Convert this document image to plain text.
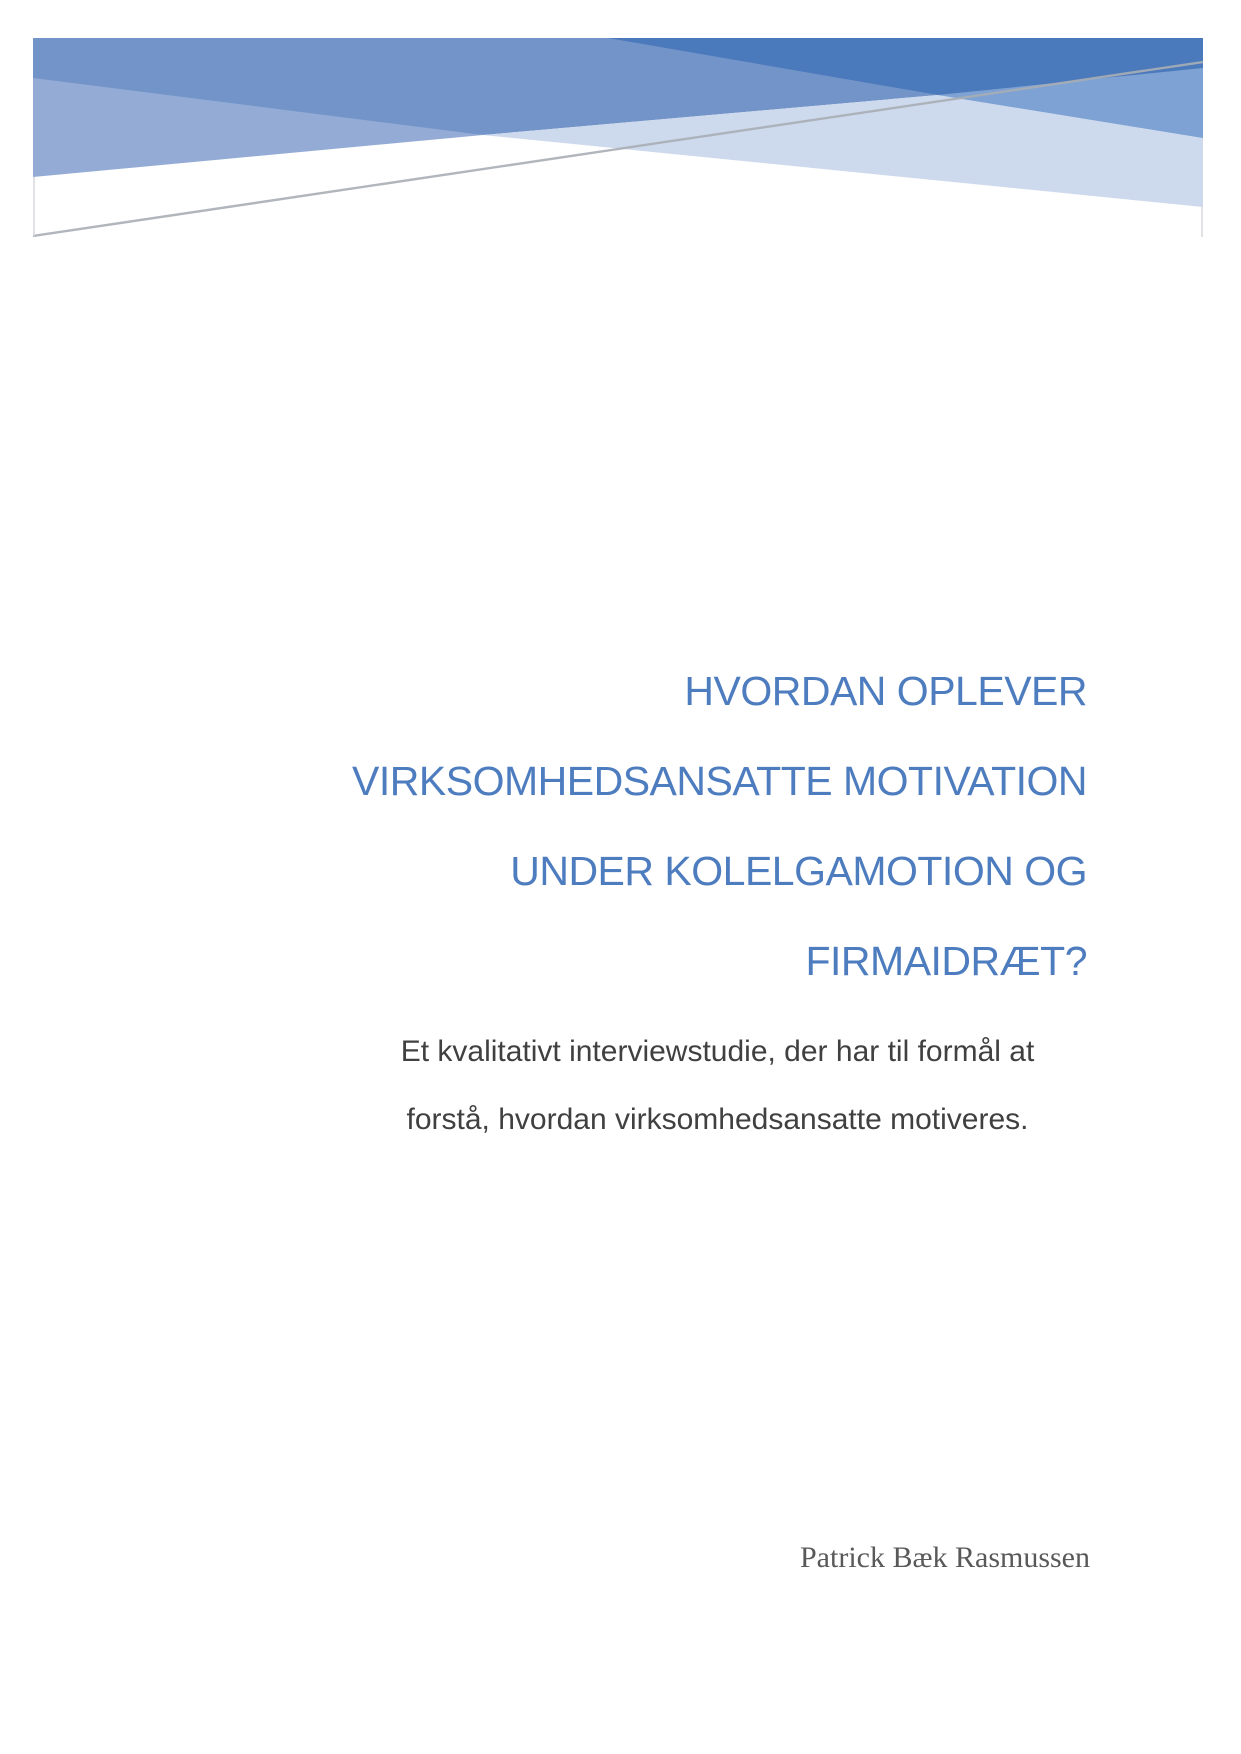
HVORDAN OPLEVER
VIRKSOMHEDSANSATTE MOTIVATION
UNDER KOLELGAMOTION OG
FIRMAIDRÆT?
Et kvalitativt interviewstudie, der har til formål at
forstå, hvordan virksomhedsansatte motiveres.
Patrick Bæk Rasmussen
